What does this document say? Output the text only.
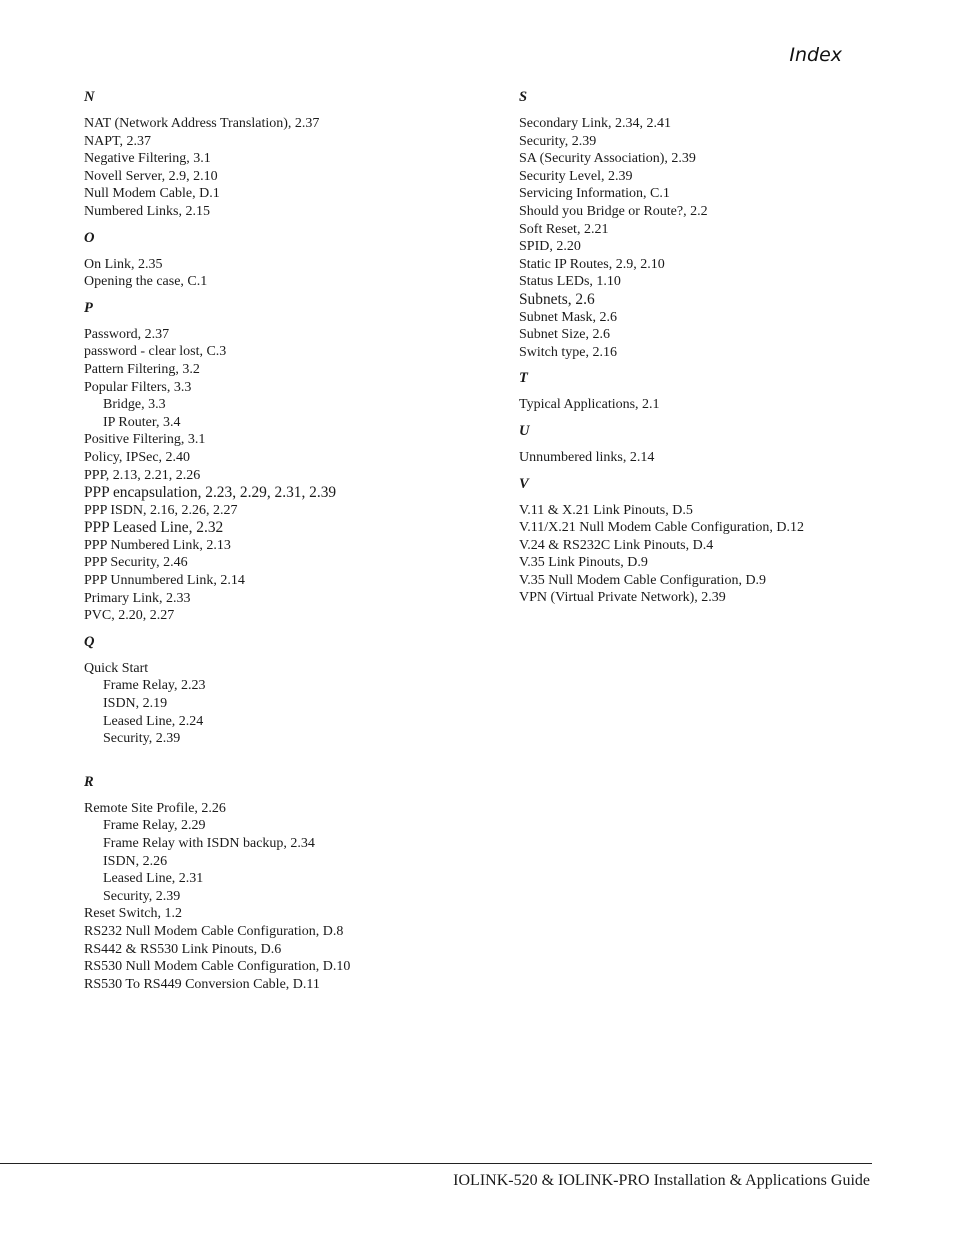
Index
N
NAT (Network Address Translation), 2.37
NAPT, 2.37
Negative Filtering, 3.1
Novell Server, 2.9, 2.10
Null Modem Cable, D.1
Numbered Links, 2.15
O
On Link, 2.35
Opening the case, C.1
P
Password, 2.37
password - clear lost, C.3
Pattern Filtering, 3.2
Popular Filters, 3.3
Bridge, 3.3
IP Router, 3.4
Positive Filtering, 3.1
Policy, IPSec, 2.40
PPP, 2.13, 2.21, 2.26
PPP encapsulation, 2.23, 2.29, 2.31, 2.39
PPP ISDN, 2.16, 2.26, 2.27
PPP Leased Line, 2.32
PPP Numbered Link, 2.13
PPP Security, 2.46
PPP Unnumbered Link, 2.14
Primary Link, 2.33
PVC, 2.20, 2.27
Q
Quick Start
Frame Relay, 2.23
ISDN, 2.19
Leased Line, 2.24
Security, 2.39
R
Remote Site Profile, 2.26
Frame Relay, 2.29
Frame Relay with ISDN backup, 2.34
ISDN, 2.26
Leased Line, 2.31
Security, 2.39
Reset Switch, 1.2
RS232 Null Modem Cable Configuration, D.8
RS442 & RS530 Link Pinouts, D.6
RS530 Null Modem Cable Configuration, D.10
RS530 To RS449 Conversion Cable, D.11
S
Secondary Link, 2.34, 2.41
Security, 2.39
SA (Security Association), 2.39
Security Level, 2.39
Servicing Information, C.1
Should you Bridge or Route?, 2.2
Soft Reset, 2.21
SPID, 2.20
Static IP Routes, 2.9, 2.10
Status LEDs, 1.10
Subnets, 2.6
Subnet Mask, 2.6
Subnet Size, 2.6
Switch type, 2.16
T
Typical Applications, 2.1
U
Unnumbered links, 2.14
V
V.11 & X.21 Link Pinouts, D.5
V.11/X.21 Null Modem Cable Configuration, D.12
V.24 & RS232C Link Pinouts, D.4
V.35 Link Pinouts, D.9
V.35 Null Modem Cable Configuration, D.9
VPN (Virtual Private Network), 2.39
IOLINK-520 & IOLINK-PRO Installation & Applications Guide
